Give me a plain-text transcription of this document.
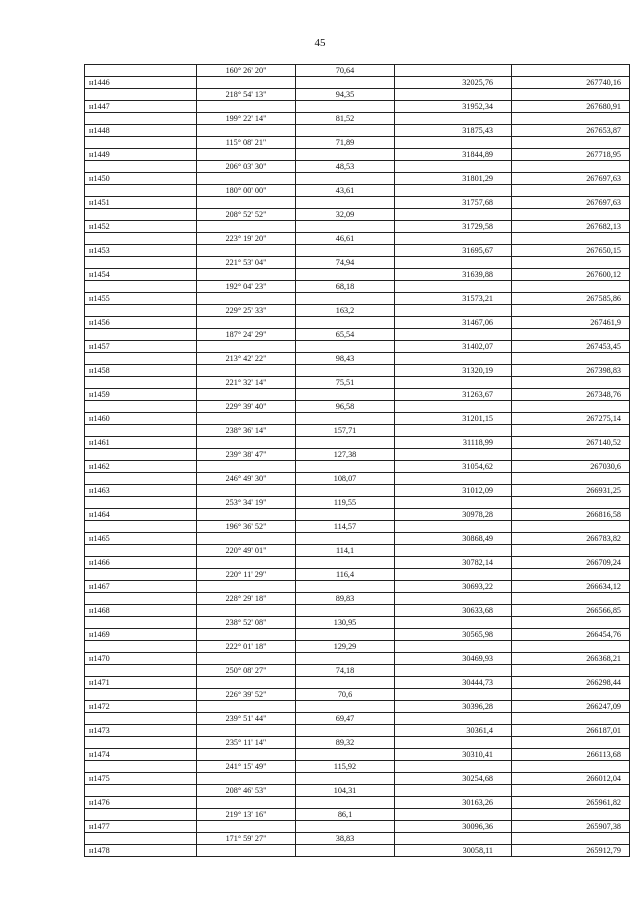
45
	160° 26' 20"	70,64		
н1446			32025,76	267740,16
	218° 54' 13"	94,35		
н1447			31952,34	267680,91
	199° 22' 14"	81,52		
н1448			31875,43	267653,87
	115° 08' 21"	71,89		
н1449			31844,89	267718,95
	206° 03' 30"	48,53		
н1450			31801,29	267697,63
	180° 00' 00"	43,61		
н1451			31757,68	267697,63
	208° 52' 52"	32,09		
н1452			31729,58	267682,13
	223° 19' 20"	46,61		
н1453			31695,67	267650,15
	221° 53' 04"	74,94		
н1454			31639,88	267600,12
	192° 04' 23"	68,18		
н1455			31573,21	267585,86
	229° 25' 33"	163,2		
н1456			31467,06	267461,9
	187° 24' 29"	65,54		
н1457			31402,07	267453,45
	213° 42' 22"	98,43		
н1458			31320,19	267398,83
	221° 32' 14"	75,51		
н1459			31263,67	267348,76
	229° 39' 40"	96,58		
н1460			31201,15	267275,14
	238° 36' 14"	157,71		
н1461			31118,99	267140,52
	239° 38' 47"	127,38		
н1462			31054,62	267030,6
	246° 49' 30"	108,07		
н1463			31012,09	266931,25
	253° 34' 19"	119,55		
н1464			30978,28	266816,58
	196° 36' 52"	114,57		
н1465			30868,49	266783,82
	220° 49' 01"	114,1		
н1466			30782,14	266709,24
	220° 11' 29"	116,4		
н1467			30693,22	266634,12
	228° 29' 18"	89,83		
н1468			30633,68	266566,85
	238° 52' 08"	130,95		
н1469			30565,98	266454,76
	222° 01' 18"	129,29		
н1470			30469,93	266368,21
	250° 08' 27"	74,18		
н1471			30444,73	266298,44
	226° 39' 52"	70,6		
н1472			30396,28	266247,09
	239° 51' 44"	69,47		
н1473			30361,4	266187,01
	235° 11' 14"	89,32		
н1474			30310,41	266113,68
	241° 15' 49"	115,92		
н1475			30254,68	266012,04
	208° 46' 53"	104,31		
н1476			30163,26	265961,82
	219° 13' 16"	86,1		
н1477			30096,36	265907,38
	171° 59' 27"	38,83		
н1478			30058,11	265912,79
